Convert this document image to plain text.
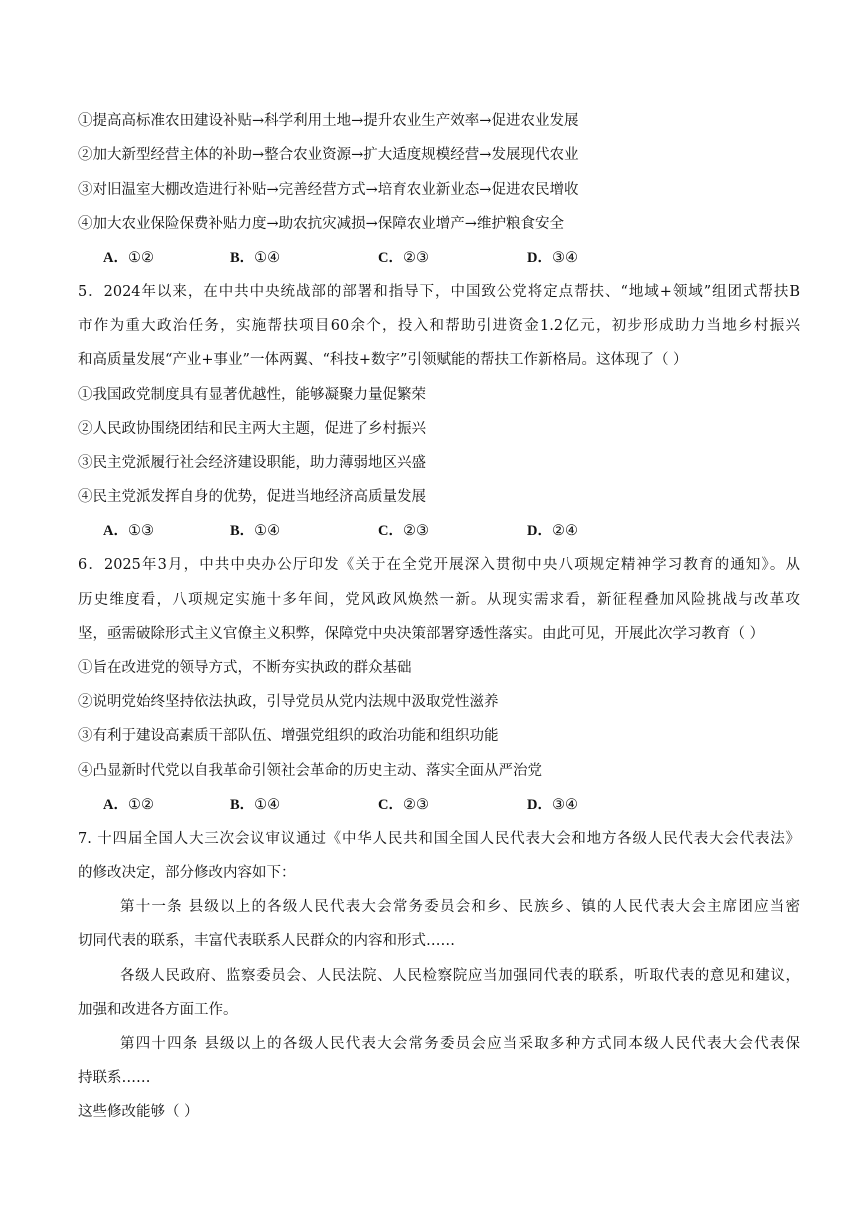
①提高高标准农田建设补贴→科学利用土地→提升农业生产效率→促进农业发展
②加大新型经营主体的补助→整合农业资源→扩大适度规模经营→发展现代农业
③对旧温室大棚改造进行补贴→完善经营方式→培育农业新业态→促进农民增收
④加大农业保险保费补贴力度→助农抗灾减损→保障农业增产→维护粮食安全
A．①②	B．①④	C．②③	D．③④
5．2024年以来，在中共中央统战部的部署和指导下，中国致公党将定点帮扶、“地域+领域”组团式帮扶B
市作为重大政治任务，实施帮扶项目60余个，投入和帮助引进资金1.2亿元，初步形成助力当地乡村振兴
和高质量发展“产业+事业”一体两翼、“科技+数字”引领赋能的帮扶工作新格局。这体现了（ ）
①我国政党制度具有显著优越性，能够凝聚力量促繁荣
②人民政协围绕团结和民主两大主题，促进了乡村振兴
③民主党派履行社会经济建设职能，助力薄弱地区兴盛
④民主党派发挥自身的优势，促进当地经济高质量发展
A．①③	B．①④	C．②③	D．②④
6．2025年3月，中共中央办公厅印发《关于在全党开展深入贯彻中央八项规定精神学习教育的通知》。从
历史维度看，八项规定实施十多年间，党风政风焕然一新。从现实需求看，新征程叠加风险挑战与改革攻
坚，亟需破除形式主义官僚主义积弊，保障党中央决策部署穿透性落实。由此可见，开展此次学习教育（ ）
①旨在改进党的领导方式，不断夯实执政的群众基础
②说明党始终坚持依法执政，引导党员从党内法规中汲取党性滋养
③有利于建设高素质干部队伍、增强党组织的政治功能和组织功能
④凸显新时代党以自我革命引领社会革命的历史主动、落实全面从严治党
A．①②	B．①④	C．②③	D．③④
7. 十四届全国人大三次会议审议通过《中华人民共和国全国人民代表大会和地方各级人民代表大会代表法》
的修改决定，部分修改内容如下：
第十一条 县级以上的各级人民代表大会常务委员会和乡、民族乡、镇的人民代表大会主席团应当密
切同代表的联系，丰富代表联系人民群众的内容和形式……
各级人民政府、监察委员会、人民法院、人民检察院应当加强同代表的联系，听取代表的意见和建议，
加强和改进各方面工作。
第四十四条 县级以上的各级人民代表大会常务委员会应当采取多种方式同本级人民代表大会代表保
持联系……
这些修改能够（ ）
